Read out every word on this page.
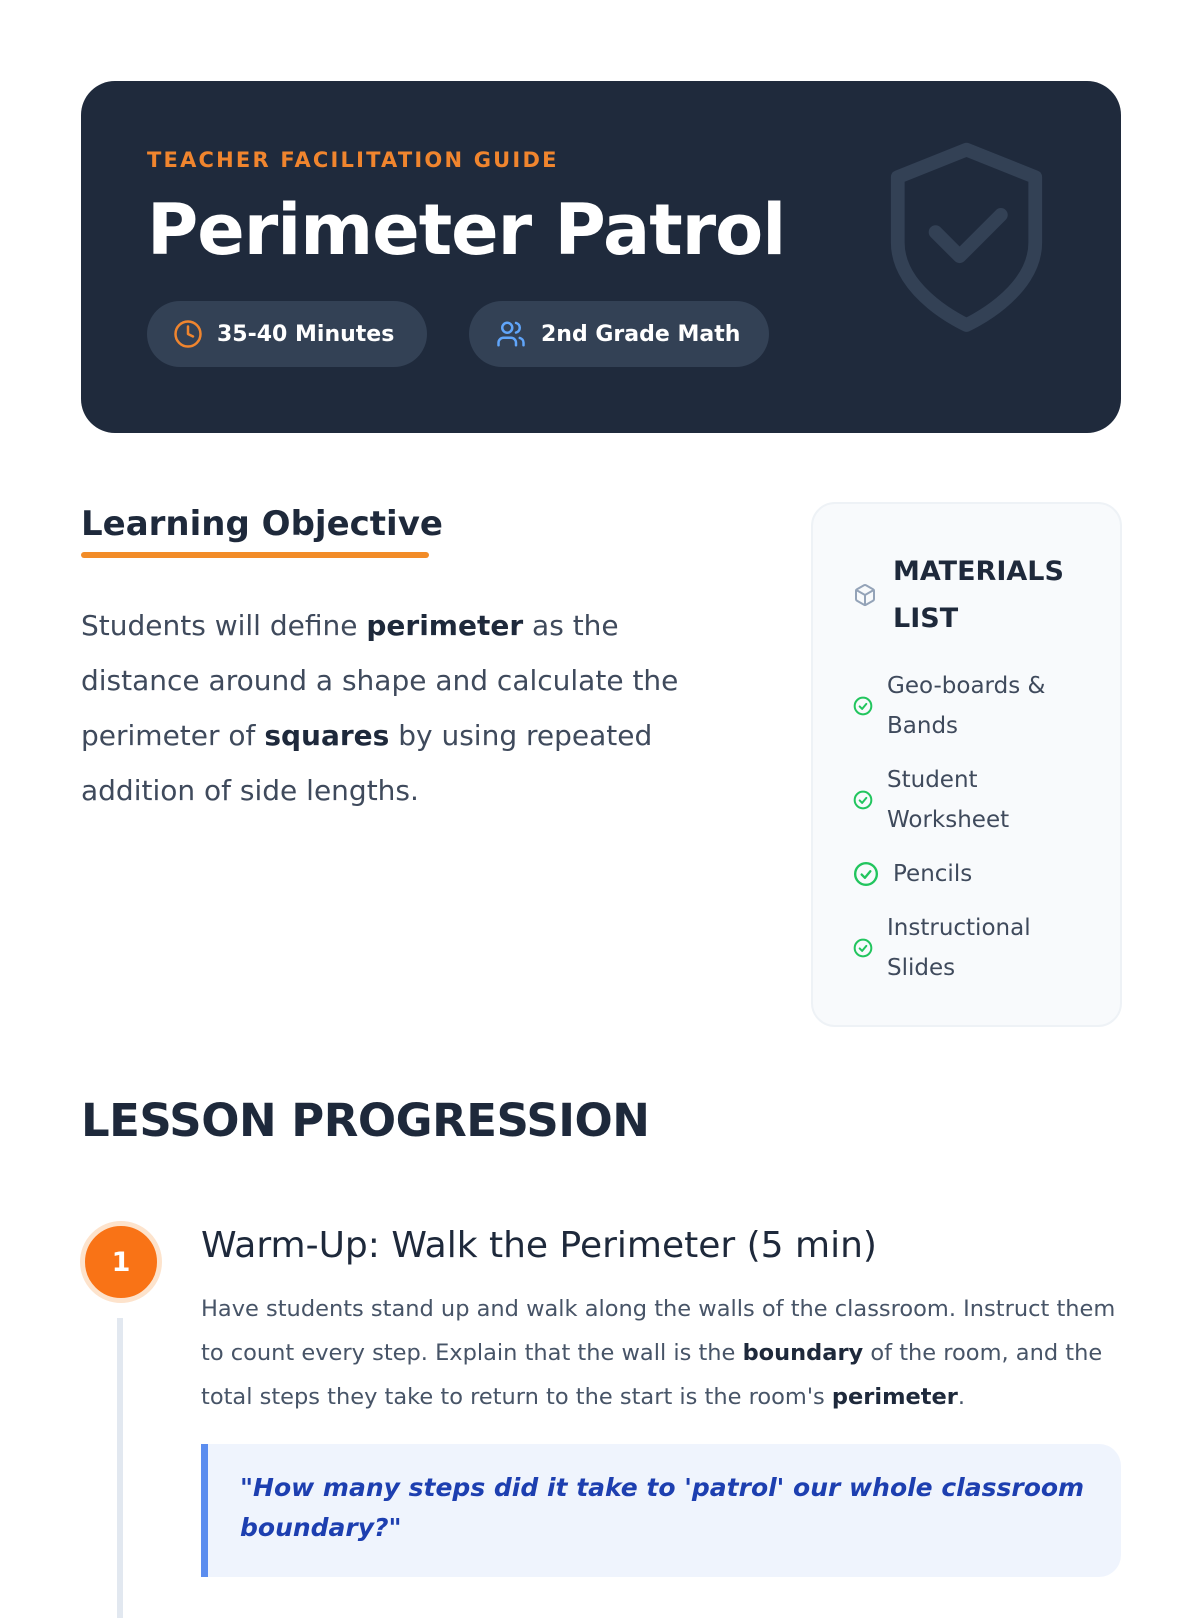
TEACHER FACILITATION GUIDE
Perimeter Patrol
35-40 Minutes	2nd Grade Math
Learning Objective
Students will define perimeter as the distance around a shape and calculate the perimeter of squares by using repeated addition of side lengths.
MATERIALS LIST
Geo-boards & Bands
Student Worksheet
Pencils
Instructional Slides
LESSON PROGRESSION
1	Warm-Up: Walk the Perimeter (5 min)
Have students stand up and walk along the walls of the classroom. Instruct them to count every step. Explain that the wall is the boundary of the room, and the total steps they take to return to the start is the room's perimeter.
"How many steps did it take to 'patrol' our whole classroom boundary?"
